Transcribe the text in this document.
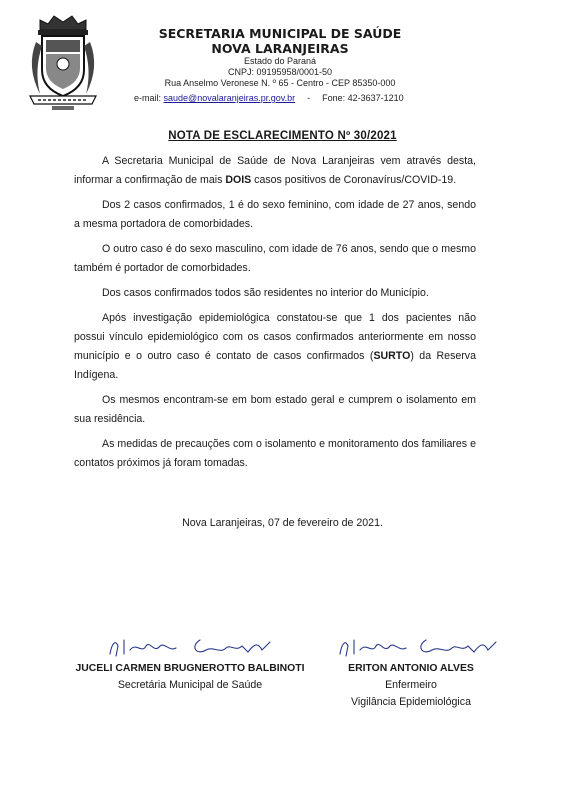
SECRETARIA MUNICIPAL DE SAÚDE
NOVA LARANJEIRAS
Estado do Paraná
CNPJ: 09195958/0001-50
Rua Anselmo Veronese N. º 65 - Centro - CEP 85350-000
e-mail: saude@novalaranjeiras.pr.gov.br - Fone: 42-3637-1210
NOTA DE ESCLARECIMENTO Nº 30/2021

A Secretaria Municipal de Saúde de Nova Laranjeiras vem através desta, informar a confirmação de mais DOIS casos positivos de Coronavírus/COVID-19.

Dos 2 casos confirmados, 1 é do sexo feminino, com idade de 27 anos, sendo a mesma portadora de comorbidades.

O outro caso é do sexo masculino, com idade de 76 anos, sendo que o mesmo também é portador de comorbidades.

Dos casos confirmados todos são residentes no interior do Município.

Após investigação epidemiológica constatou-se que 1 dos pacientes não possui vínculo epidemiológico com os casos confirmados anteriormente em nosso município e o outro caso é contato de casos confirmados (SURTO) da Reserva Indígena.

Os mesmos encontram-se em bom estado geral e cumprem o isolamento em sua residência.

As medidas de precauções com o isolamento e monitoramento dos familiares e contatos próximos já foram tomadas.

Nova Laranjeiras, 07 de fevereiro de 2021.
JUCELI CARMEN BRUGNEROTTO BALBINOTI
Secretária Municipal de Saúde
ERITON ANTONIO ALVES
Enfermeiro
Vigilância Epidemiológica
